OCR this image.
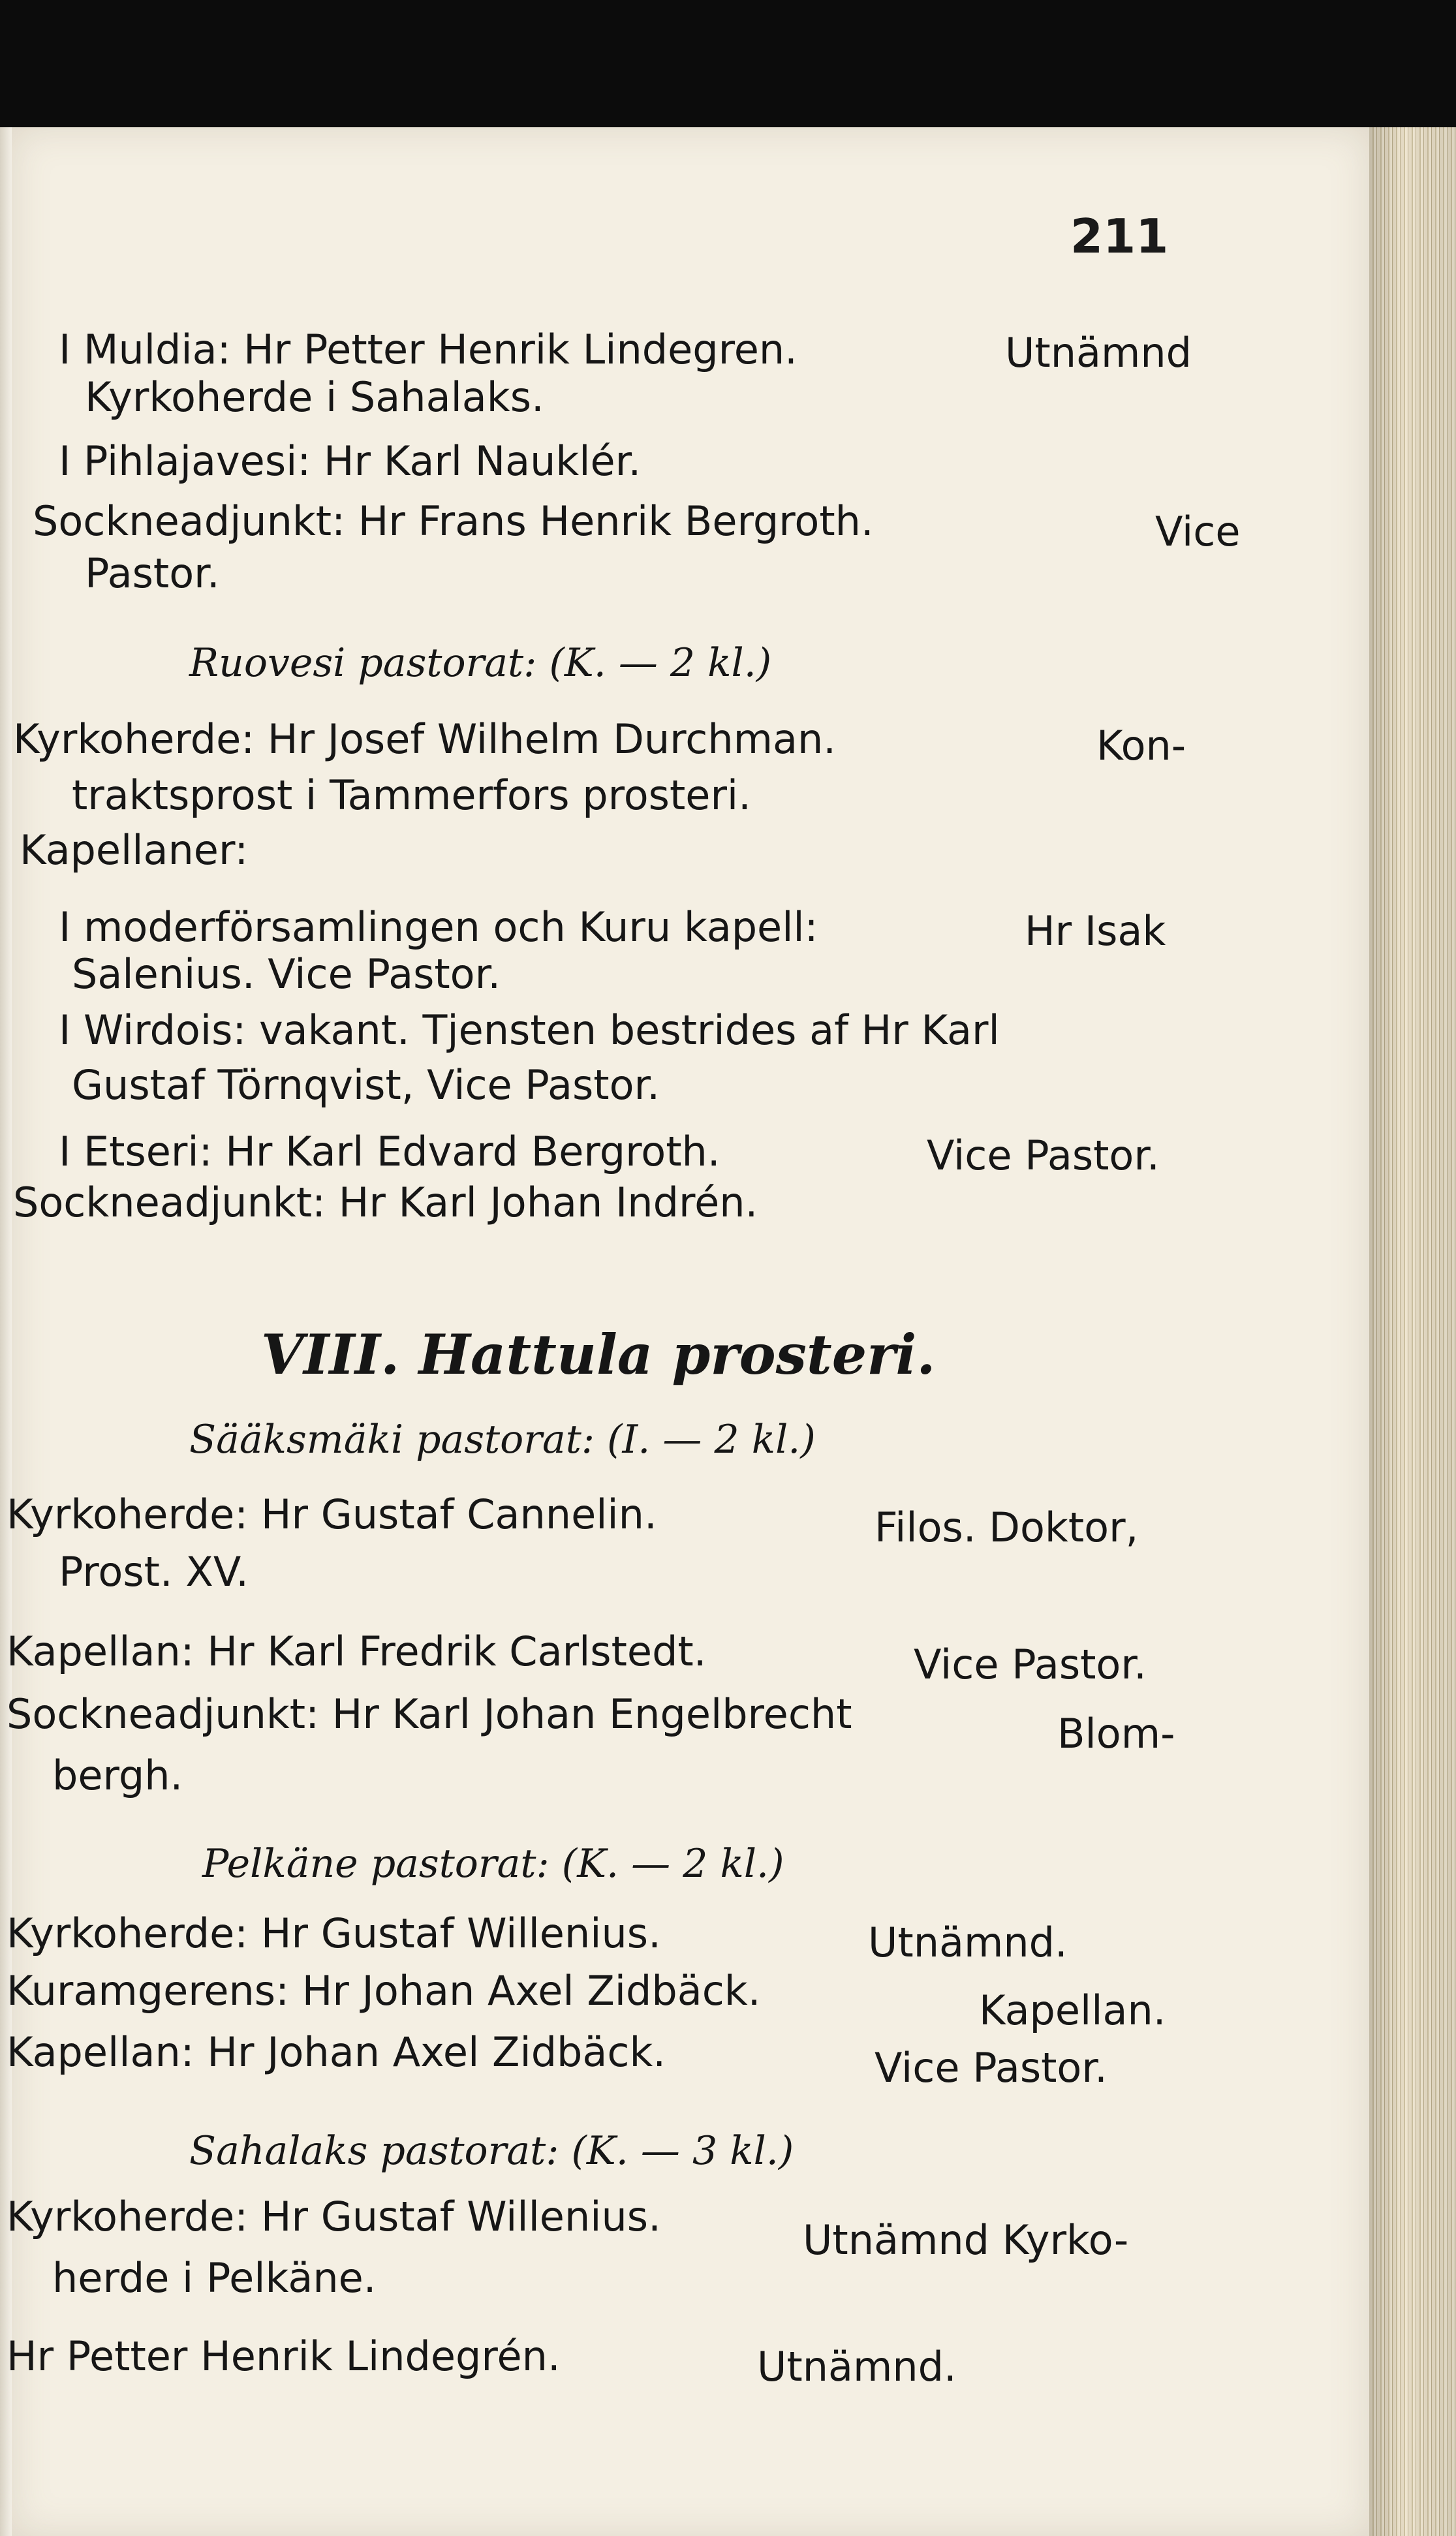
211

I Muldia: Hr Petter Henrik Lindegren.	Utnämnd

Kyrkoherde i Sahalaks.

I Pihlajavesi: Hr Karl Nauklér.

Sockneadjunkt: Hr Frans Henrik Bergroth.	Vice

Pastor.

Ruovesi pastorat: (K. — 2 kl.)

Kyrkoherde: Hr Josef Wilhelm Durchman.	Kon-

traktsprost i Tammerfors prosteri.

Kapellaner:

I moderförsamlingen och Kuru kapell:	Hr Isak

Salenius. Vice Pastor.

I Wirdois: vakant. Tjensten bestrides af Hr Karl

Gustaf Törnqvist, Vice Pastor.

I Etseri: Hr Karl Edvard Bergroth.	Vice Pastor.

Sockneadjunkt: Hr Karl Johan Indrén.

VIII. Hattula prosteri.

Sääksmäki pastorat: (I. — 2 kl.)

Kyrkoherde: Hr Gustaf Cannelin.	Filos. Doktor,

Prost. XV.

Kapellan: Hr Karl Fredrik Carlstedt.	Vice Pastor.

Sockneadjunkt: Hr Karl Johan Engelbrecht	Blom-

bergh.

Pelkäne pastorat: (K. — 2 kl.)

Kyrkoherde: Hr Gustaf Willenius.	Utnämnd.

Kuramgerens: Hr Johan Axel Zidbäck.	Kapellan.

Kapellan: Hr Johan Axel Zidbäck.	Vice Pastor.

Sahalaks pastorat: (K. — 3 kl.)

Kyrkoherde: Hr Gustaf Willenius.	Utnämnd Kyrko-

herde i Pelkäne.

Hr Petter Henrik Lindegrén.	Utnämnd.
